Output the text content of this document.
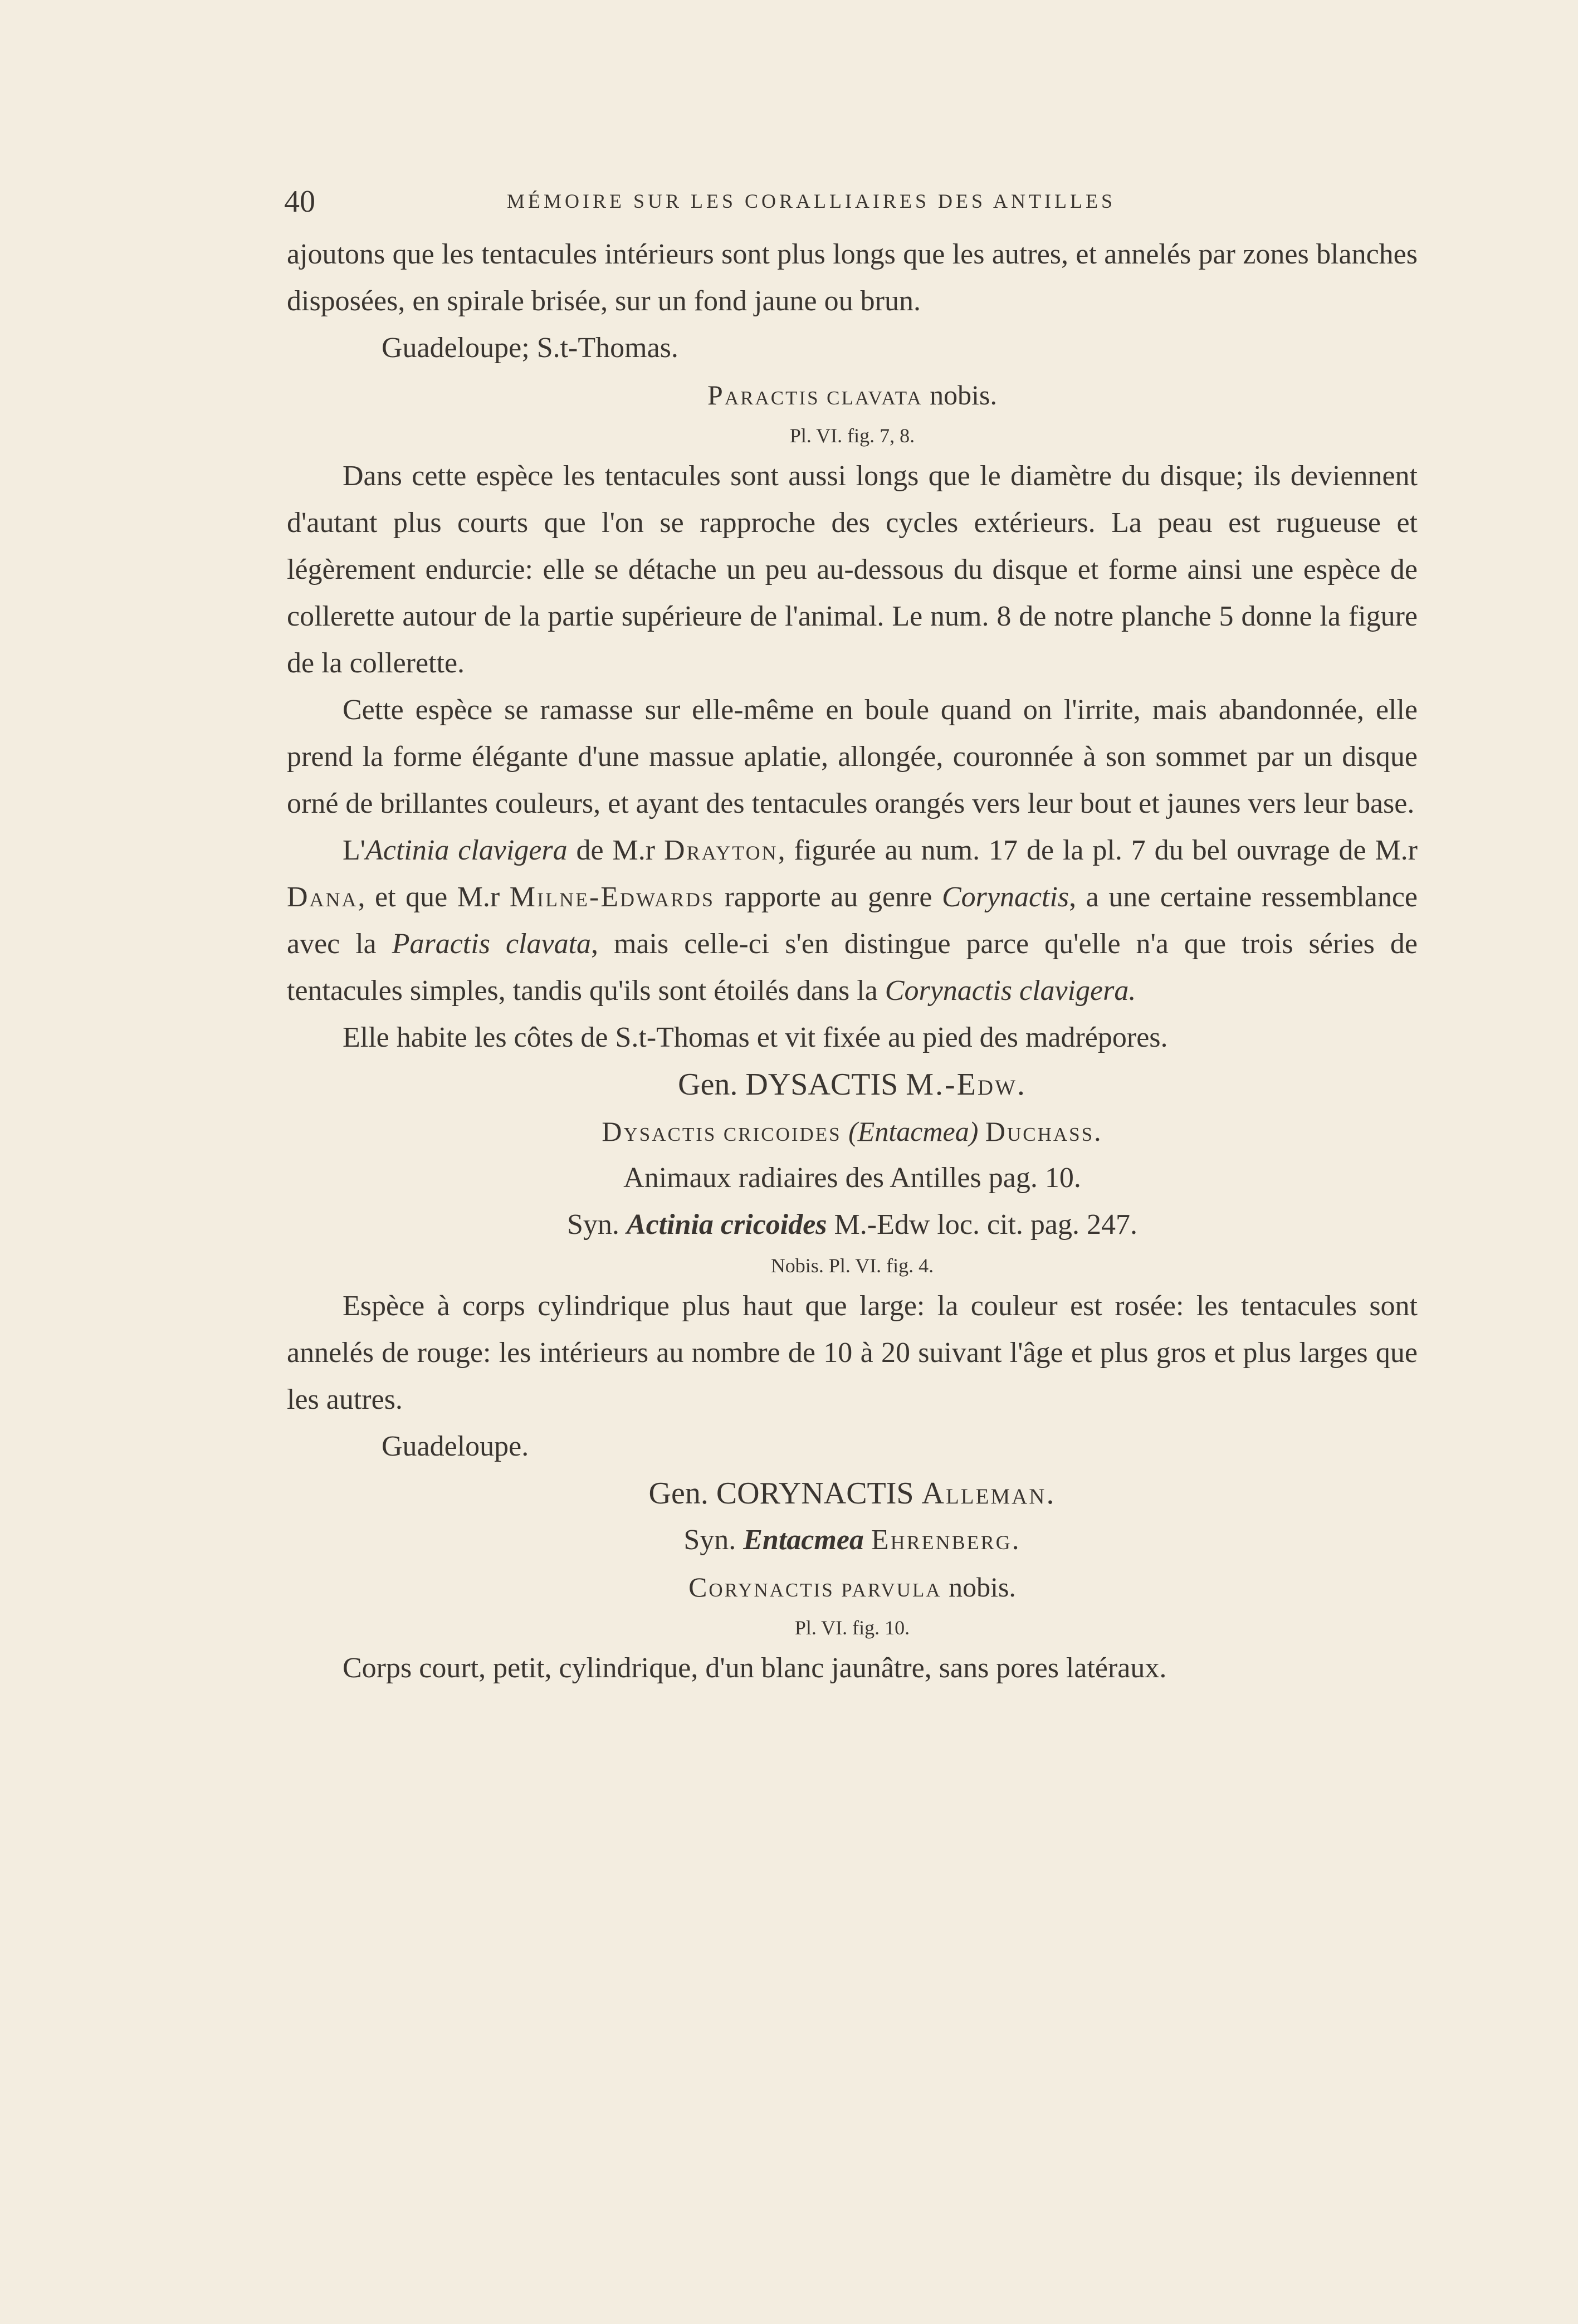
40	MÉMOIRE SUR LES CORALLIAIRES DES ANTILLES

ajoutons que les tentacules intérieurs sont plus longs que les autres, et annelés par zones blanches disposées, en spirale brisée, sur un fond jaune ou brun.

Guadeloupe; S.t-Thomas.

Paractis clavata nobis.

Pl. VI. fig. 7, 8.

Dans cette espèce les tentacules sont aussi longs que le diamètre du disque; ils deviennent d'autant plus courts que l'on se rapproche des cycles extérieurs. La peau est rugueuse et légèrement endurcie: elle se détache un peu au-dessous du disque et forme ainsi une espèce de collerette autour de la partie supérieure de l'animal. Le num. 8 de notre planche 5 donne la figure de la collerette.

Cette espèce se ramasse sur elle-même en boule quand on l'irrite, mais abandonnée, elle prend la forme élégante d'une massue aplatie, allongée, couronnée à son sommet par un disque orné de brillantes couleurs, et ayant des tentacules orangés vers leur bout et jaunes vers leur base.

L'Actinia clavigera de M.r Drayton, figurée au num. 17 de la pl. 7 du bel ouvrage de M.r Dana, et que M.r Milne-Edwards rapporte au genre Corynactis, a une certaine ressemblance avec la Paractis clavata, mais celle-ci s'en distingue parce qu'elle n'a que trois séries de tentacules simples, tandis qu'ils sont étoilés dans la Corynactis clavigera.

Elle habite les côtes de S.t-Thomas et vit fixée au pied des madrépores.

Gen. DYSACTIS M.-Edw.

Dysactis cricoides (Entacmea) Duchass.

Animaux radiaires des Antilles pag. 10.

Syn. Actinia cricoides M.-Edw loc. cit. pag. 247.

Nobis. Pl. VI. fig. 4.

Espèce à corps cylindrique plus haut que large: la couleur est rosée: les tentacules sont annelés de rouge: les intérieurs au nombre de 10 à 20 suivant l'âge et plus gros et plus larges que les autres.

Guadeloupe.

Gen. CORYNACTIS Alleman.

Syn. Entacmea Ehrenberg.

Corynactis parvula nobis.

Pl. VI. fig. 10.

Corps court, petit, cylindrique, d'un blanc jaunâtre, sans pores latéraux.
